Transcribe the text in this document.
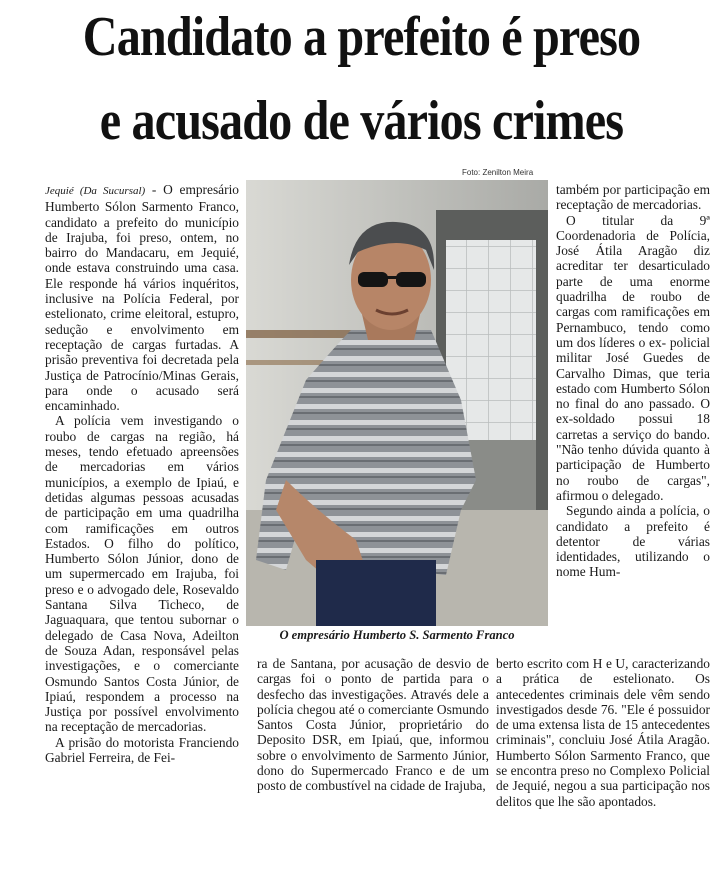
Candidato a prefeito é preso
e acusado de vários crimes
Foto: Zenilton Meira

Jequié (Da Sucursal) - O empresário Humberto Sólon Sarmento Franco, candidato a prefeito do município de Irajuba, foi preso, ontem, no bairro do Mandacaru, em Jequié, onde estava construindo uma casa. Ele responde há vários inquéritos, inclusive na Polícia Federal, por estelionato, crime eleitoral, estupro, sedução e envolvimento em receptação de cargas furtadas. A prisão preventiva foi decretada pela Justiça de Patrocínio/Minas Gerais, para onde o acusado será encaminhado.

A polícia vem investigando o roubo de cargas na região, há meses, tendo efetuado apreensões de mercadorias em vários municípios, a exemplo de Ipiaú, e detidas algumas pessoas acusadas de participação em uma quadrilha com ramificações em outros Estados. O filho do político, Humberto Sólon Júnior, dono de um supermercado em Irajuba, foi preso e o advogado dele, Rosevaldo Santana Silva Ticheco, de Jaguaquara, que tentou subornar o delegado de Casa Nova, Adeilton de Souza Adan, responsável pelas investigações, e o comerciante Osmundo Santos Costa Júnior, de Ipiaú, respondem a processo na Justiça por possível envolvimento na receptação de mercadorias.

A prisão do motorista Franciendo Gabriel Ferreira, de Fei-

O empresário Humberto S. Sarmento Franco

também por participação em receptação de mercadorias.

O titular da 9ª Coordenadoria de Polícia, José Átila Aragão diz acreditar ter desarticulado parte de uma enorme quadrilha de roubo de cargas com ramificações em Pernambuco, tendo como um dos líderes o ex- policial militar José Guedes de Carvalho Dimas, que teria estado com Humberto Sólon no final do ano passado. O ex-soldado possui 18 carretas a serviço do bando. "Não tenho dúvida quanto à participação de Humberto no roubo de cargas", afirmou o delegado.

Segundo ainda a polícia, o candidato a prefeito é detentor de várias identidades, utilizando o nome Hum-

ra de Santana, por acusação de desvio de cargas foi o ponto de partida para o desfecho das investigações. Através dele a polícia chegou até o comerciante Osmundo Santos Costa Júnior, proprietário do Deposito DSR, em Ipiaú, que, informou sobre o envolvimento de Sarmento Júnior, dono do Supermercado Franco e de um posto de combustível na cidade de Irajuba,

berto escrito com H e U, caracterizando a prática de estelionato. Os antecedentes criminais dele vêm sendo investigados desde 76. "Ele é possuidor de uma extensa lista de 15 antecedentes criminais", concluiu José Átila Aragão. Humberto Sólon Sarmento Franco, que se encontra preso no Complexo Policial de Jequié, negou a sua participação nos delitos que lhe são apontados.
